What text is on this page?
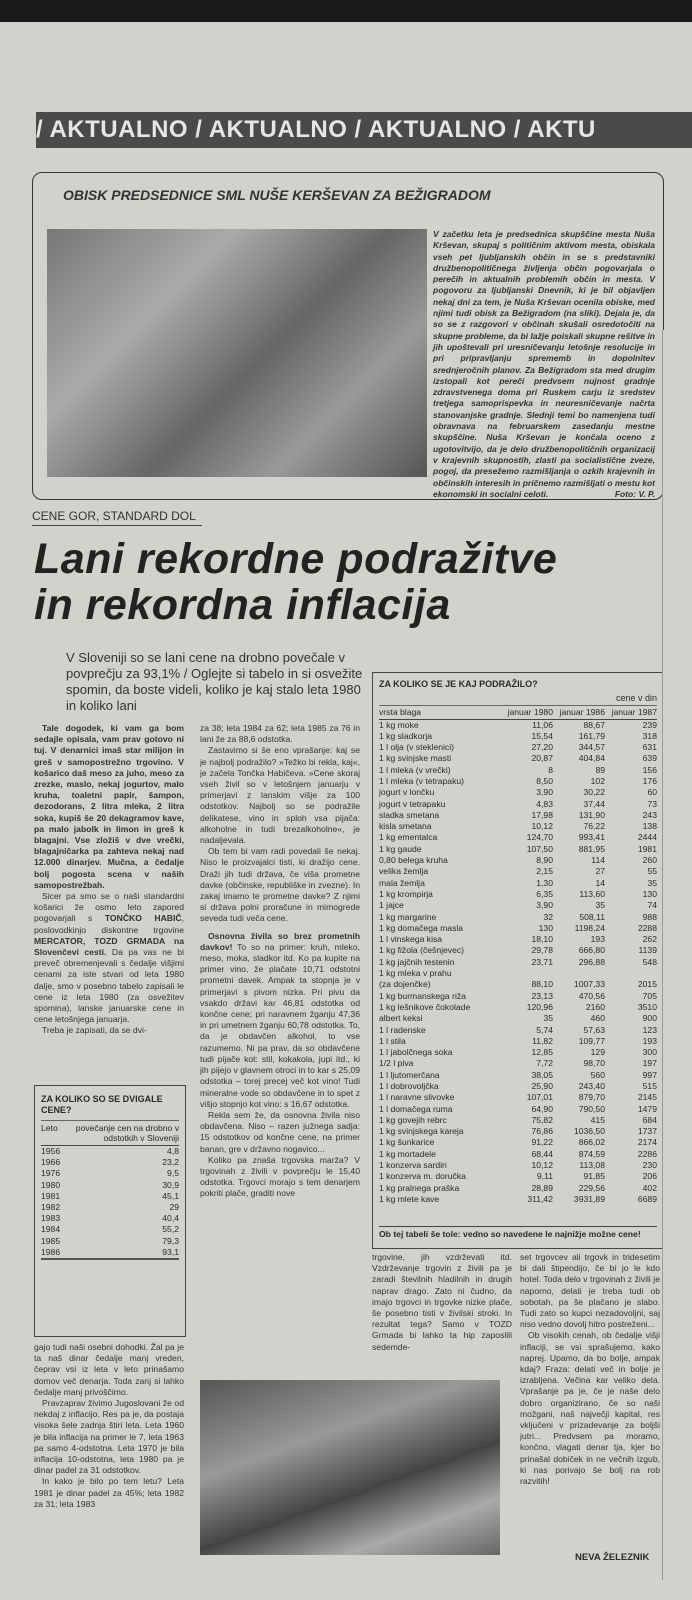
/ AKTUALNO / AKTUALNO / AKTUALNO / AKTU
OBISK PREDSEDNICE SML NUŠE KERŠEVAN ZA BEŽIGRADOM
V začetku leta je predsednica skupščine mesta Nuša Krševan, skupaj s političnim aktivom mesta, obiskala vseh pet ljubljanskih občin in se s predstavniki družbenopolitičnega življenja občin pogovarjala o perečih in aktualnih problemih občin in mesta. V pogovoru za ljubljanski Dnevnik, ki je bil objavljen nekaj dni za tem, je Nuša Krševan ocenila obiske, med njimi tudi obisk za Bežigradom (na sliki). Dejala je, da so se z razgovori v občinah skušali osredotočiti na skupne probleme, da bi lažje poiskali skupne rešitve in jih upoštevali pri uresničevanju letošnje resolucije in pri pripravljanju sprememb in dopolnitev srednjeročnih planov. Za Bežigradom sta med drugim izstopali kot pereči predvsem nujnost gradnje zdravstvenega doma pri Ruskem carju iz sredstev tretjega samoprispevka in neuresničevanje načrta stanovanjske gradnje. Slednji temi bo namenjena tudi obravnava na februarskem zasedanju mestne skupščine. Nuša Krševan je končala oceno z ugotovitvijo, da je delo družbenopolitičnih organizacij v krajevnih skupnostih, zlasti pa socialistične zveze, pogoj, da presežemo razmišljanja o ozkih krajevnih in občinskih interesih in pričnemo razmišljati o mestu kot ekonomski in socialni celoti.	Foto: V. P.
CENE GOR, STANDARD DOL
Lani rekordne podražitve
in rekordna inflacija
V Sloveniji so se lani cene na drobno povečale v povprečju za 93,1% / Oglejte si tabelo in si osvežite spomin, da boste videli, koliko je kaj stalo leta 1980 in koliko lani

Tale dogodek, ki vam ga bom sedajle opisala, vam prav gotovo ni tuj. V denarnici imaš star milijon in greš v samopostrežno trgovino. V košarico daš meso za juho, meso za zrezke, maslo, nekaj jogurtov, malo kruha, toaletni papir, šampon, dezodorans, 2 litra mleka, 2 litra soka, kupiš še 20 dekagramov kave, pa malo jabolk in limon in greš k blagajni. Vse zložiš v dve vrečki, blagajničarka pa zahteva nekaj nad 12.000 dinarjev. Mučna, a čedalje bolj pogosta scena v naših samopostrežbah.

Sicer pa smo se o naši standardni košarici že osmo leto zapored pogovarjali s TONČKO HABIČ, poslovodkinjo diskontne trgovine MERCATOR, TOZD GRMADA na Slovenčevi cesti. Da pa vas ne bi preveč obremenjevali s čedalje višjimi cenami za iste stvari od leta 1980 dalje, smo v posebno tabelo zapisali le cene iz leta 1980 (za osvežitev spomina), lanske januarske cene in cene letošnjega januarja.

Treba je zapisati, da se dvi-

ZA KOLIKO SO SE DVIGALE CENE?
Leto	povečanje cen na drobno v odstotkih v Sloveniji
1956	4,8
1966	23,2
1976	9,5
1980	30,9
1981	45,1
1982	29
1983	40,4
1984	55,2
1985	79,3
1986	93,1

gajo tudi naši osebni dohodki. Žal pa je ta naš dinar čedalje manj vreden, čeprav vsi iz leta v leto prinašamo domov več denarja. Toda zanj si lahko čedalje manj privoščimo.

Pravzaprav živimo Jugoslovani že od nekdaj z inflacijo. Res pa je, da postaja visoka šele zadnja štiri leta. Leta 1960 je bila inflacija na primer le 7, leta 1963 pa samo 4-odstotna. Leta 1970 je bila inflacija 10-odstotna, leta 1980 pa je dinar padel za 31 odstotkov.

In kako je bilo po tem letu? Leta 1981 je dinar padel za 45%; leta 1982 za 31; leta 1983

za 38; leta 1984 za 62; leta 1985 za 76 in lani že za 88,6 odstotka.

Zastavimo si še eno vprašanje: kaj se je najbolj podražilo? »Težko bi rekla, kaj«, je začela Tončka Habičeva. »Cene skoraj vseh živil so v letošnjem januarju v primerjavi z lanskim višje za 100 odstotkov. Najbolj so se podražile delikatese, vino in sploh vsa pijača: alkoholne in tudi brezalkoholne«, je nadaljevala.

Ob tem bi vam radi povedali še nekaj. Niso le proizvajalci tisti, ki dražijo cene. Draži jih tudi država, če viša prometne davke (občinske, republiške in zvezne). In zakaj imamo te prometne davke? Z njimi si država polni proračune in mimogrede seveda tudi veča cene.

Osnovna živila so brez prometnih davkov! To so na primer: kruh, mleko, meso, moka, sladkor itd. Ko pa kupite na primer vino, že plačate 10,71 odstotni prometni davek. Ampak ta stopnja je v primerjavi s pivom nizka. Pri pivu da vsakdo državi kar 46,81 odstotka od končne cene; pri naravnem žganju 47,36 in pri umetnem žganju 60,78 odstotka. To, da je obdavčen alkohol, to vse razumemo. Ni pa prav, da so obdavčene tudi pijače kot: stil, kokakola, jupi itd., ki jih pijejo v glavnem otroci in to kar s 25,09 odstotka – torej precej več kot vino! Tudi mineralne vode so obdavčene in to spet z višjo stopnjo kot vino: s 16,67 odstotka.

Rekla sem že, da osnovna živila niso obdavčena. Niso – razen južnega sadja: 15 odstotkov od končne cene, na primer banan, gre v državno nogavico...

Koliko pa znaša trgovska marža? V trgovinah z živili v povprečju le 15,40 odstotka. Trgovci morajo s tem denarjem pokriti plače, graditi nove

ZA KOLIKO SE JE KAJ PODRAŽILO?
cene v din
vrsta blaga	januar 1980	januar 1986	januar 1987
1 kg moke	11,06	88,67	239
1 kg sladkorja	15,54	161,79	318
1 l olja (v steklenici)	27,20	344,57	631
1 kg svinjske masti	20,87	404,84	639
1 l mleka (v vrečki)	8	89	156
1 l mleka (v tetrapaku)	8,50	102	176
jogurt v lončku	3,90	30,22	60
jogurt v tetrapaku	4,83	37,44	73
sladka smetana	17,98	131,90	243
kisla smetana	10,12	76,22	138
1 kg ementalca	124,70	993,41	2444
1 kg gaude	107,50	881,95	1981
0,80 belega kruha	8,90	114	260
velika žemlja	2,15	27	55
mala žemlja	1,30	14	35
1 kg krompirja	6,35	113,60	130
1 jajce	3,90	35	74
1 kg margarine	32	508,11	988
1 kg domačega masla	130	1198,24	2288
1 l vinskega kisa	18,10	193	262
1 kg fižola (češnjevec)	29,78	666,80	1139
1 kg jajčnih testenin	23,71	296,88	548
1 kg mleka v prahu			
(za dojenčke)	88,10	1007,33	2015
1 kg burmanskega riža	23,13	470,56	705
1 kg lešnikove čokolade	120,96	2160	3510
albert keksi	35	460	900
1 l radenske	5,74	57,63	123
1 l stila	11,82	109,77	193
1 l jabolčnega soka	12,85	129	300
1/2 l piva	7,72	98,70	197
1 l ljutomerčana	38,05	560	997
1 l dobrovoljčka	25,90	243,40	515
1 l naravne slivovke	107,01	879,70	2145
1 l domačega ruma	64,90	790,50	1479
1 kg govejih rebrc	75,82	415	684
1 kg svinjskega kareja	76,86	1036,50	1737
1 kg šunkarice	91,22	866,02	2174
1 kg mortadele	68,44	874,59	2286
1 konzerva sardin	10,12	113,08	230
1 konzerva m. doručka	9,11	91,85	206
1 kg pralnega praška	28,89	229,56	402
1 kg mlete kave	311,42	3931,89	6689
Ob tej tabeli še tole: vedno so navedene le najnižje možne cene!

trgovine, jih vzdrževati itd. Vzdrževanje trgovin z živili pa je zaradi številnih hladilnih in drugih naprav drago. Zato ni čudno, da imajo trgovci in trgovke nizke plače, še posebno tisti v živilski stroki. In rezultat tega? Samo v TOZD Grmada bi lahko ta hip zaposlili sedemde-

set trgovcev ali trgovk in tridesetim bi dali štipendijo, če bi jo le kdo hotel. Toda delo v trgovinah z živili je naporno, delati je treba tudi ob sobotah, pa še plačano je slabo. Tudi zato so kupci nezadovoljni, saj niso vedno dovolj hitro postreženi...

Ob visokih cenah, ob čedalje višji inflaciji, se vsi sprašujemo, kako naprej. Upamo, da bo bolje, ampak kdaj? Fraza: delati več in bolje je izrabljena. Večina kar veliko dela. Vprašanje pa je, če je naše delo dobro organizirano, če so naši možgani, naš največji kapital, res vključeni v prizadevanje za boljši jutri... Predvsem pa moramo, končno, vlagati denar tja, kjer bo prinašal dobiček in ne večnih izgub, ki nas porivajo še bolj na rob razvitih!

NEVA ŽELEZNIK
